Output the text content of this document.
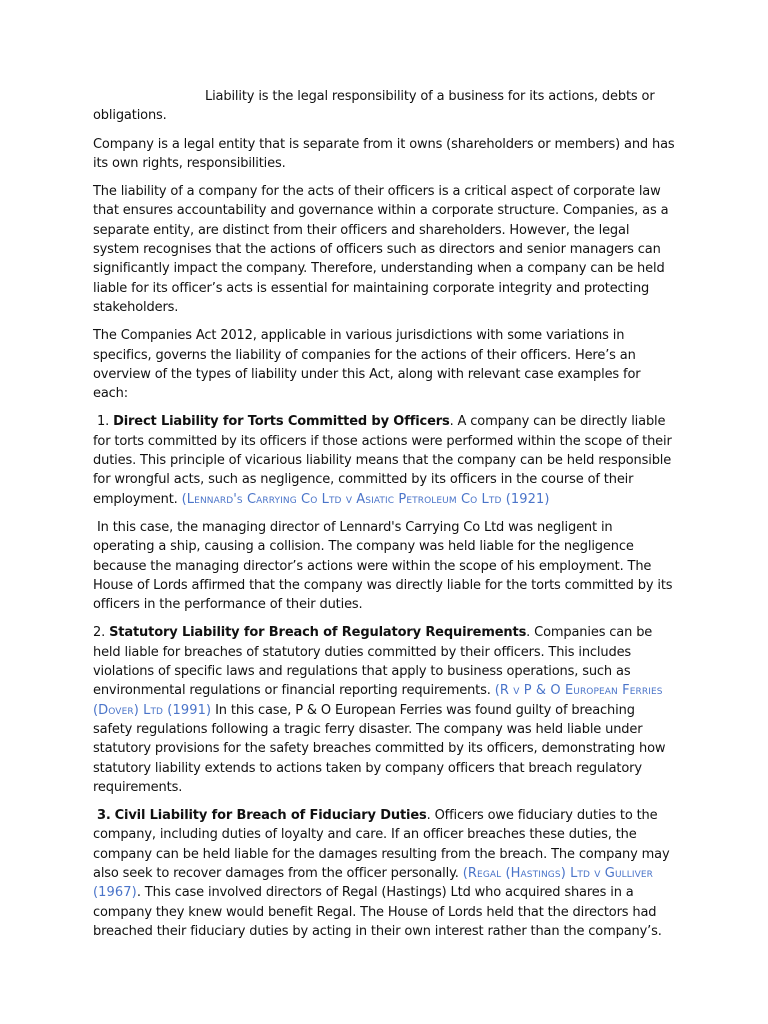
Liability is the legal responsibility of a business for its actions, debts or obligations.

Company is a legal entity that is separate from it owns (shareholders or members) and has its own rights, responsibilities.

The liability of a company for the acts of their officers is a critical aspect of corporate law that ensures accountability and governance within a corporate structure. Companies, as a separate entity, are distinct from their officers and shareholders. However, the legal system recognises that the actions of officers such as directors and senior managers can significantly impact the company. Therefore, understanding when a company can be held liable for its officer’s acts is essential for maintaining corporate integrity and protecting stakeholders.

The Companies Act 2012, applicable in various jurisdictions with some variations in specifics, governs the liability of companies for the actions of their officers. Here’s an overview of the types of liability under this Act, along with relevant case examples for each:

1. Direct Liability for Torts Committed by Officers. A company can be directly liable for torts committed by its officers if those actions were performed within the scope of their duties. This principle of vicarious liability means that the company can be held responsible for wrongful acts, such as negligence, committed by its officers in the course of their employment. (Lennard's Carrying Co Ltd v Asiatic Petroleum Co Ltd (1921)

In this case, the managing director of Lennard's Carrying Co Ltd was negligent in operating a ship, causing a collision. The company was held liable for the negligence because the managing director’s actions were within the scope of his employment. The House of Lords affirmed that the company was directly liable for the torts committed by its officers in the performance of their duties.

2. Statutory Liability for Breach of Regulatory Requirements. Companies can be held liable for breaches of statutory duties committed by their officers. This includes violations of specific laws and regulations that apply to business operations, such as environmental regulations or financial reporting requirements. (R v P & O European Ferries (Dover) Ltd (1991) In this case, P & O European Ferries was found guilty of breaching safety regulations following a tragic ferry disaster. The company was held liable under statutory provisions for the safety breaches committed by its officers, demonstrating how statutory liability extends to actions taken by company officers that breach regulatory requirements.

3. Civil Liability for Breach of Fiduciary Duties. Officers owe fiduciary duties to the company, including duties of loyalty and care. If an officer breaches these duties, the company can be held liable for the damages resulting from the breach. The company may also seek to recover damages from the officer personally. (Regal (Hastings) Ltd v Gulliver (1967). This case involved directors of Regal (Hastings) Ltd who acquired shares in a company they knew would benefit Regal. The House of Lords held that the directors had breached their fiduciary duties by acting in their own interest rather than the company’s.
